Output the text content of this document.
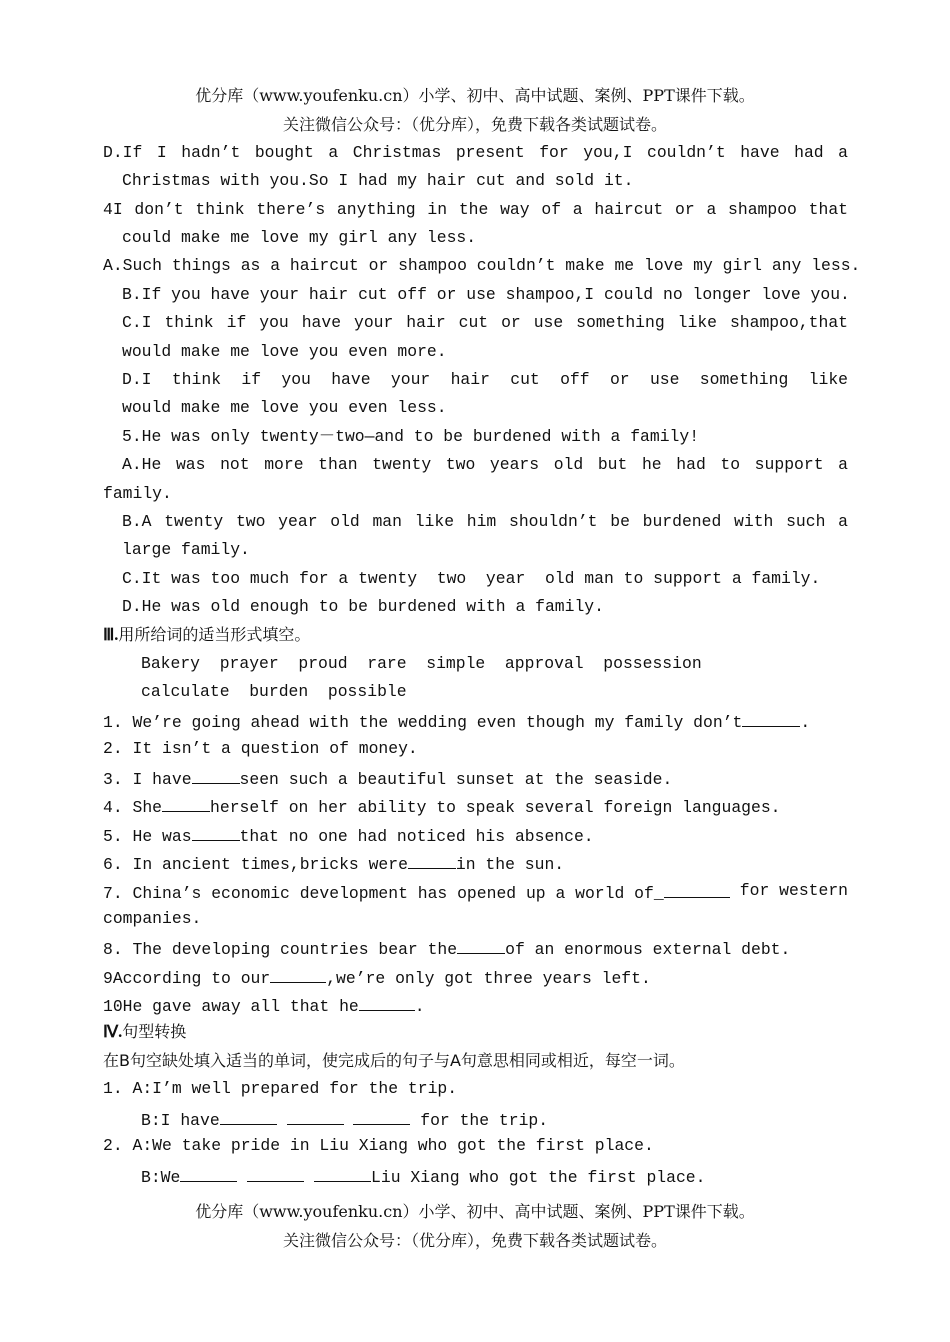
优分库（www.youfenku.cn）小学、初中、高中试题、案例、PPT课件下载。
关注微信公众号：（优分库），免费下载各类试题试卷。
D.If I hadn’t bought a Christmas present for you,I couldn’t have had a
Christmas with you.So I had my hair cut and sold it.
4I don’t think there’s anything in the way of a haircut or a shampoo that
could make me love my girl any less.
A.Such things as a haircut or shampoo couldn’t make me love my girl any less.
B.If you have your hair cut off or use shampoo,I could no longer love you.
C.I think if you have your hair cut or use something like shampoo,that
would make me love you even more.
D.I think if you have your hair cut off or use something like
would make me love you even less.
5.He was only twenty－two—and to be burdened with a family!
A.He was not more than twenty two years old but he had to support a
family.
B.A twenty two year old man like him shouldn’t be burdened with such a
large family.
C.It was too much for a twenty  two  year  old man to support a family.
D.He was old enough to be burdened with a family.
Ⅲ.用所给词的适当形式填空。
Bakery  prayer  proud  rare  simple  approval  possession
calculate  burden  possible
1. We’re going ahead with the wedding even though my family don’t	.
2. It isn’t a question of money.
3. I have	seen such a beautiful sunset at the seaside.
4. She	herself on her ability to speak several foreign languages.
5. He was	that no one had noticed his absence.
6. In ancient times,bricks were	in the sun.
7. China’s economic development has opened up a world of_	for western
companies.
8. The developing countries bear the	of an enormous external debt.
9According to our	,we’re only got three years left.
10He gave away all that he	.
Ⅳ.句型转换
在B句空缺处填入适当的单词，使完成后的句子与A句意思相同或相近，每空一词。
1. A:I’m well prepared for the trip.
B:I have	for the trip.
2. A:We take pride in Liu Xiang who got the first place.
B:We	Liu Xiang who got the first place.
优分库（www.youfenku.cn）小学、初中、高中试题、案例、PPT课件下载。
关注微信公众号：（优分库），免费下载各类试题试卷。
